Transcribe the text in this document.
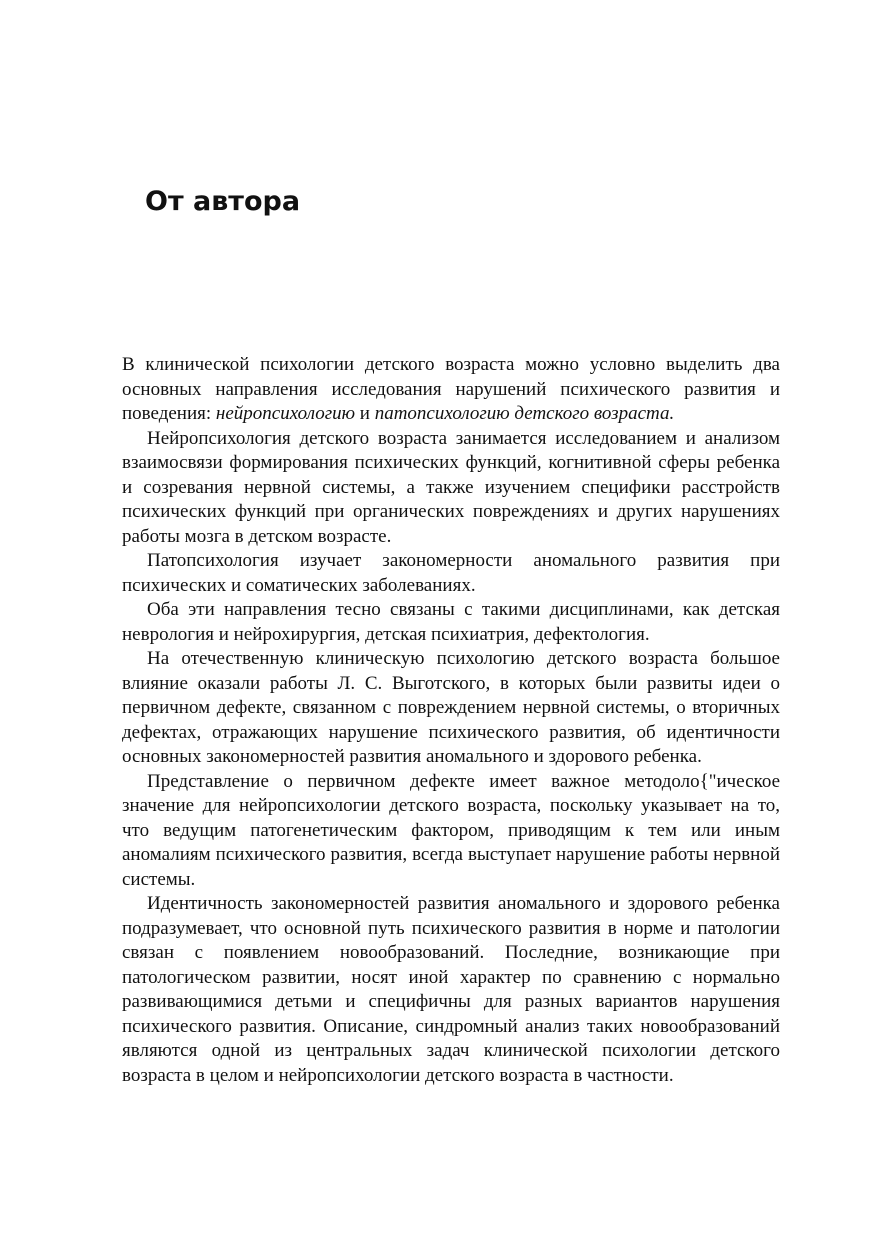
От автора

В клинической психологии детского возраста можно условно выделить два основных направления исследования нарушений психического развития и поведения: нейропсихологию и патопсихологию детского возраста.

Нейропсихология детского возраста занимается исследованием и анализом взаимосвязи формирования психических функций, когнитивной сферы ребенка и созревания нервной системы, а также изучением специфики расстройств психических функций при органических повреждениях и других нарушениях работы мозга в детском возрасте.

Патопсихология изучает закономерности аномального развития при психических и соматических заболеваниях.

Оба эти направления тесно связаны с такими дисциплинами, как детская неврология и нейрохирургия, детская психиатрия, дефектология.

На отечественную клиническую психологию детского возраста большое влияние оказали работы Л. С. Выготского, в которых были развиты идеи о первичном дефекте, связанном с повреждением нервной системы, о вторичных дефектах, отражающих нарушение психического развития, об идентичности основных закономерностей развития аномального и здорового ребенка.

Представление о первичном дефекте имеет важное методоло{"ическое значение для нейропсихологии детского возраста, поскольку указывает на то, что ведущим патогенетическим фактором, приводящим к тем или иным аномалиям психического развития, всегда выступает нарушение работы нервной системы.

Идентичность закономерностей развития аномального и здорового ребенка подразумевает, что основной путь психического развития в норме и патологии связан с появлением новообразований. Последние, возникающие при патологическом развитии, носят иной характер по сравнению с нормально развивающимися детьми и специфичны для разных вариантов нарушения психического развития. Описание, синдромный анализ таких новообразований являются одной из центральных задач клинической психологии детского возраста в целом и нейропсихологии детского возраста в частности.
